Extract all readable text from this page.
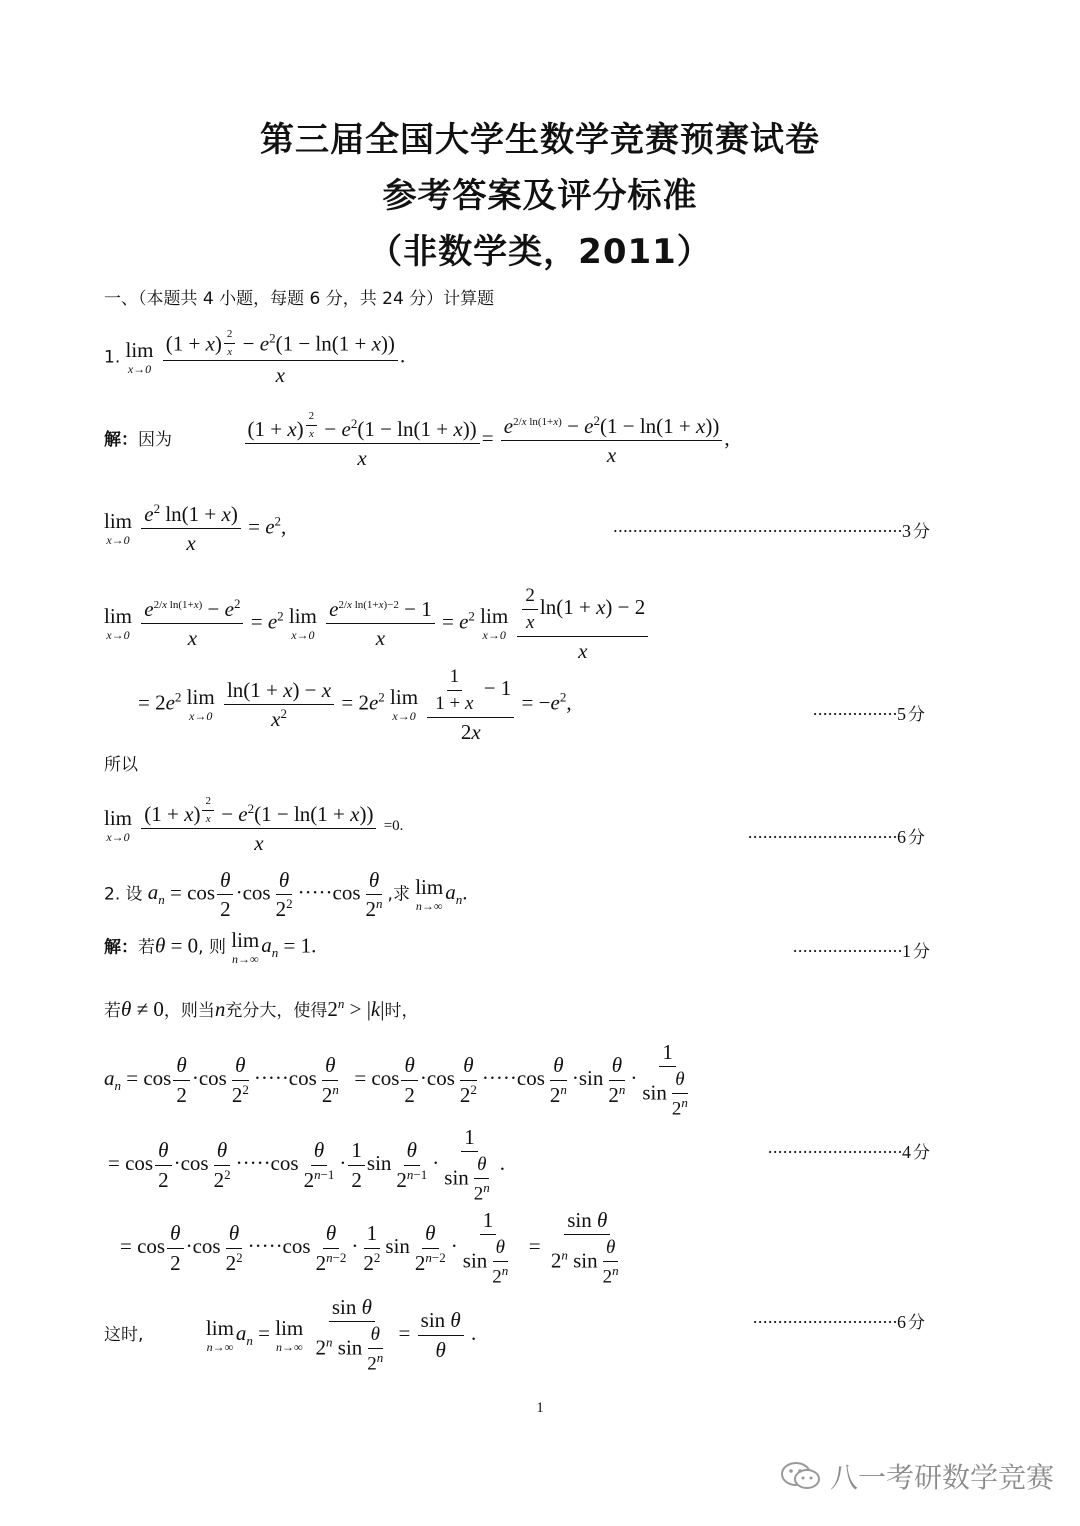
第三届全国大学生数学竞赛预赛试卷
参考答案及评分标准
（非数学类，2011）
一、（本题共 4 小题，每题 6 分，共 24 分）计算题
1. lim
x→0
(1 + x) $^{\frac{2}{x}} - e^2(1 - \ln(1 + x))$
x .
解：因为	(1 + x) $^{\frac{2}{x}} - e^2(1 - \ln(1 + x))$
$x = \frac{e^{2/x ln(1+x)} - e^2(1 - \ln(1 + x))}{x}$ ,
lim
x→0
$\frac{e^2 \ln(1 + x)}{x} = e^2$,	··························································3 分
lim
x→0
$\frac{e^{2/x ln(1+x)} - e^2}{x} = e^2$ lim
x→0
$\frac{e^{2/x ln(1+x)-2} - 1}{x} = e^2$ lim
x→0
$\frac{\frac{2}{x} \ln(1 + x) - 2}{x}$
= $2e^2$ lim
x→0
$\frac{\ln(1 + x) - x}{x^2} = 2e^2$ lim
x→0
$\frac{\frac{1}{1 + x} - 1}{2x} = -e^2$,	·················5 分
所以
lim
x→0
(1 + x) $^{\frac{2}{x}} - e^2(1 - \ln(1 + x))$
x =0.
······························6 分
2. 设 $a_n = \cos \frac{\theta}{2} \cdot\cos \frac{\theta}{2^2} \cdot\cdot\cdot\cdot\cdot\cos \frac{\theta}{2^n}$ ,求 lim
n→∞
$a_n$.
解：若θ = 0, 则 lim
n→∞
$a_n = 1$.	······················1 分
若θ ≠ 0，则当n充分大，使得$2^n > |k|$时，
$a_n = \cos \frac{\theta}{2} \cdot\cos \frac{\theta}{2^2} \cdot\cdot\cdot\cdot\cdot\cos \frac{\theta}{2^n} = \cos \frac{\theta}{2} \cdot\cos \frac{\theta}{2^2} \cdot\cdot\cdot\cdot\cdot\cos \frac{\theta}{2^n} \cdot\sin \frac{\theta}{2^n} \cdot \frac{1}{\sin \frac{\theta}{2^n}}$
= $\cos \frac{\theta}{2} \cdot\cos \frac{\theta}{2^2} \cdot\cdot\cdot\cdot\cdot\cos \frac{\theta}{2^{n-1}} \cdot \frac{1}{2}$ $\sin \frac{\theta}{2^{n-1}} \cdot \frac{1}{\sin \frac{\theta}{2^n}}$ .	···························4 分
= $\cos \frac{\theta}{2} \cdot\cos \frac{\theta}{2^2} \cdot\cdot\cdot\cdot\cdot\cos \frac{\theta}{2^{n-2}} \cdot \frac{1}{2^2}$ $\sin \frac{\theta}{2^{n-2}} \cdot \frac{1}{\sin \frac{\theta}{2^n}} = \frac{\text{sin θ}}{2^n \sin \frac{\theta}{2^n}}$
这时,	lim
n→∞
$a_n = \lim$
n→∞
$\frac{\text{sin θ}}{2^n \sin \frac{\theta}{2^n}} = \frac{\text{sin θ}}{\theta}$ .	·····························6 分
1
八一考研数学竞赛
